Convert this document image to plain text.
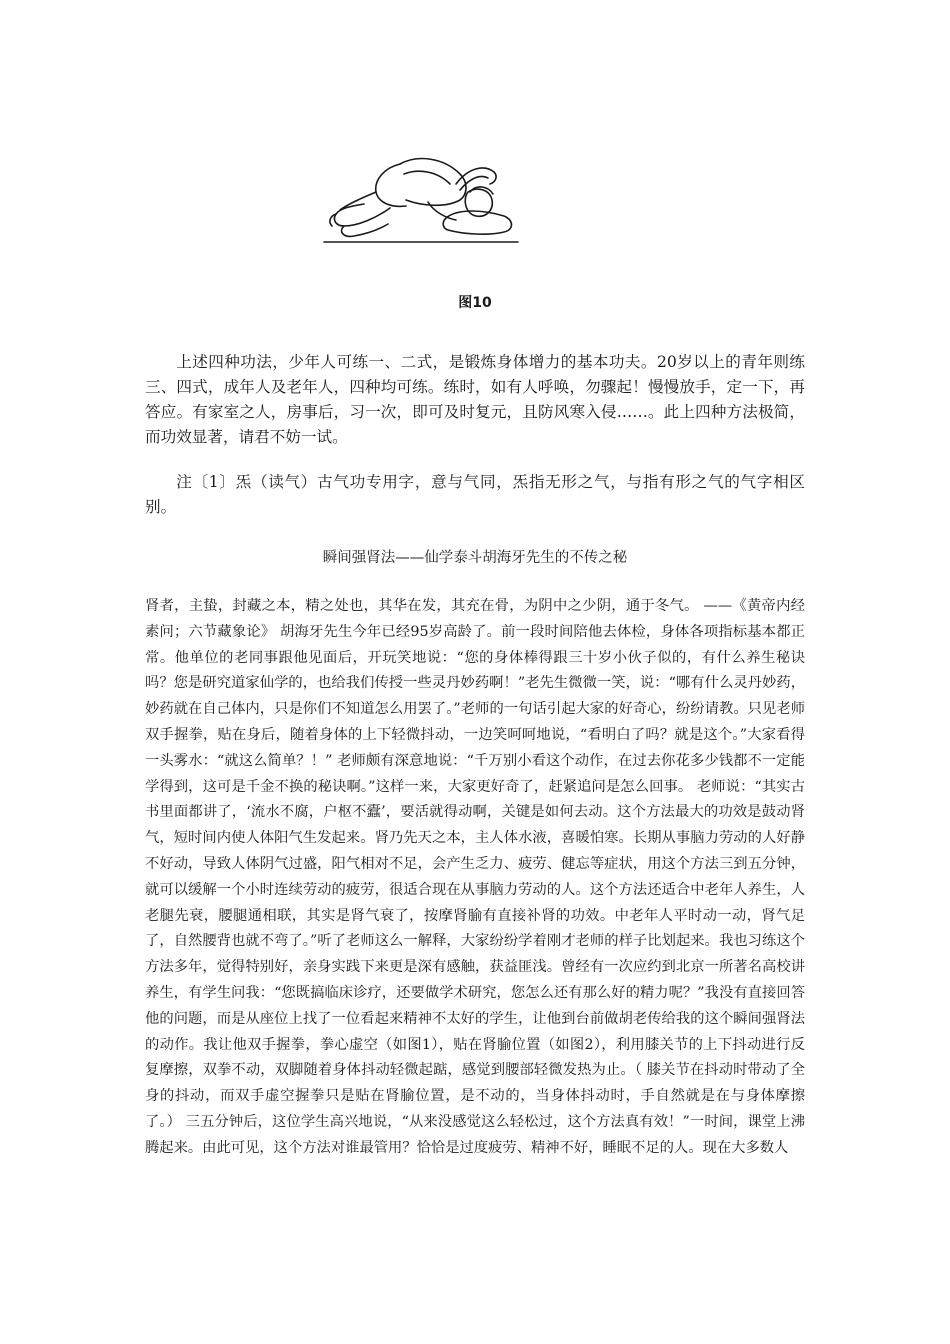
图10

上述四种功法，少年人可练一、二式，是锻炼身体增力的基本功夫。20岁以上的青年则练三、四式，成年人及老年人，四种均可练。练时，如有人呼唤，勿骤起！慢慢放手，定一下，再答应。有家室之人，房事后，习一次，即可及时复元，且防风寒入侵……。此上四种方法极简，而功效显著，请君不妨一试。

注〔1〕炁（读气）古气功专用字，意与气同，炁指无形之气，与指有形之气的气字相区别。

瞬间强肾法——仙学泰斗胡海牙先生的不传之秘

肾者，主蛰，封藏之本，精之处也，其华在发，其充在骨，为阴中之少阴，通于冬气。 ——《黄帝内经素问；六节藏象论》 胡海牙先生今年已经95岁高龄了。前一段时间陪他去体检，身体各项指标基本都正常。他单位的老同事跟他见面后，开玩笑地说：“您的身体棒得跟三十岁小伙子似的，有什么养生秘诀吗？您是研究道家仙学的，也给我们传授一些灵丹妙药啊！”老先生微微一笑，说：“哪有什么灵丹妙药，妙药就在自己体内，只是你们不知道怎么用罢了。”老师的一句话引起大家的好奇心，纷纷请教。只见老师双手握拳，贴在身后，随着身体的上下轻微抖动，一边笑呵呵地说，“看明白了吗？就是这个。”大家看得一头雾水：“就这么简单？！” 老师颇有深意地说：“千万别小看这个动作，在过去你花多少钱都不一定能学得到，这可是千金不换的秘诀啊。”这样一来，大家更好奇了，赶紧追问是怎么回事。 老师说：“其实古书里面都讲了，‘流水不腐，户枢不蠹’，要活就得动啊，关键是如何去动。这个方法最大的功效是鼓动肾气，短时间内使人体阳气生发起来。肾乃先天之本，主人体水液，喜暖怕寒。长期从事脑力劳动的人好静不好动，导致人体阴气过盛，阳气相对不足，会产生乏力、疲劳、健忘等症状，用这个方法三到五分钟，就可以缓解一个小时连续劳动的疲劳，很适合现在从事脑力劳动的人。这个方法还适合中老年人养生，人老腿先衰，腰腿通相联，其实是肾气衰了，按摩肾腧有直接补肾的功效。中老年人平时动一动，肾气足了，自然腰背也就不弯了。”听了老师这么一解释，大家纷纷学着刚才老师的样子比划起来。我也习练这个方法多年，觉得特别好，亲身实践下来更是深有感触，获益匪浅。曾经有一次应约到北京一所著名高校讲养生，有学生问我：“您既搞临床诊疗，还要做学术研究，您怎么还有那么好的精力呢？”我没有直接回答他的问题，而是从座位上找了一位看起来精神不太好的学生，让他到台前做胡老传给我的这个瞬间强肾法的动作。我让他双手握拳，拳心虚空（如图1），贴在肾腧位置（如图2），利用膝关节的上下抖动进行反复摩擦，双拳不动，双脚随着身体抖动轻微起踮，感觉到腰部轻微发热为止。（ 膝关节在抖动时带动了全身的抖动，而双手虚空握拳只是贴在肾腧位置，是不动的，当身体抖动时，手自然就是在与身体摩擦了。） 三五分钟后，这位学生高兴地说，“从来没感觉这么轻松过，这个方法真有效！”一时间，课堂上沸腾起来。由此可见，这个方法对谁最管用？恰恰是过度疲劳、精神不好，睡眠不足的人。现在大多数人
